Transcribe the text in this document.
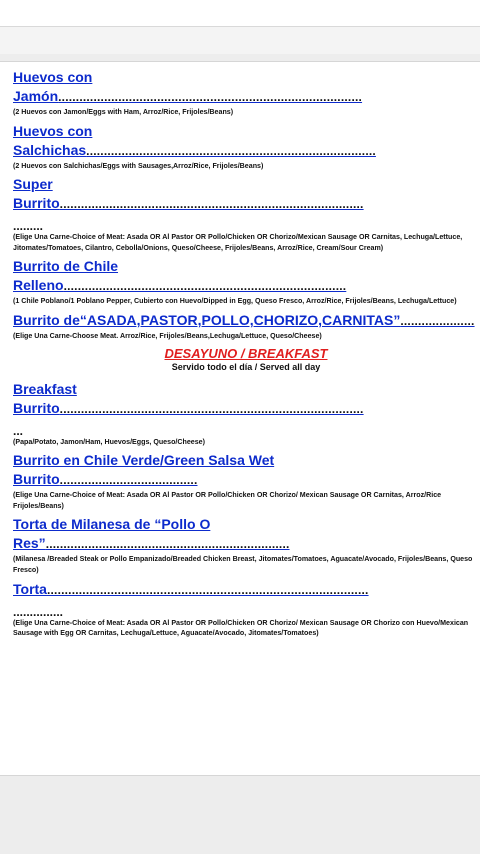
Huevos con
Jamón......................................................................................
(2 Huevos con Jamon/Eggs with Ham, Arroz/Rice, Frijoles/Beans)
Huevos con
Salchichas..................................................................................
(2 Huevos con Salchichas/Eggs with Sausages,Arroz/Rice, Frijoles/Beans)
Super
Burrito......................................................................................
.........
(Elige Una Carne-Choice of Meat: Asada OR Al Pastor OR Pollo/Chicken OR Chorizo/Mexican Sausage OR Carnitas, Lechuga/Lettuce, Jitomates/Tomatoes, Cilantro, Cebolla/Onions, Queso/Cheese, Frijoles/Beans, Arroz/Rice, Cream/Sour Cream)
Burrito de Chile
Relleno................................................................................
(1 Chile Poblano/1 Poblano Pepper, Cubierto con Huevo/Dipped in Egg, Queso Fresco, Arroz/Rice, Frijoles/Beans, Lechuga/Lettuce)
Burrito de“ASADA,PASTOR,POLLO,CHORIZO,CARNITAS”.....................
(Elige Una Carne-Choose Meat. Arroz/Rice, Frijoles/Beans,Lechuga/Lettuce, Queso/Cheese)
DESAYUNO / BREAKFAST
Servido todo el día / Served all day
Breakfast
Burrito......................................................................................
...
(Papa/Potato, Jamon/Ham, Huevos/Eggs, Queso/Cheese)
Burrito en Chile Verde/Green Salsa Wet
Burrito.......................................
(Elige Una Carne-Choice of Meat: Asada OR Al Pastor OR Pollo/Chicken OR Chorizo/ Mexican Sausage OR Carnitas, Arroz/Rice Frijoles/Beans)
Torta de Milanesa de “Pollo O
Res”.....................................................................
(Milanesa /Breaded Steak or Pollo Empanizado/Breaded Chicken Breast, Jitomates/Tomatoes, Aguacate/Avocado, Frijoles/Beans, Queso Fresco)
Torta...........................................................................................
...............
(Elige Una Carne-Choice of Meat: Asada OR Al Pastor OR Pollo/Chicken OR Chorizo/ Mexican Sausage OR Chorizo con Huevo/Mexican Sausage with Egg OR Carnitas, Lechuga/Lettuce, Aguacate/Avocado, Jitomates/Tomatoes)
